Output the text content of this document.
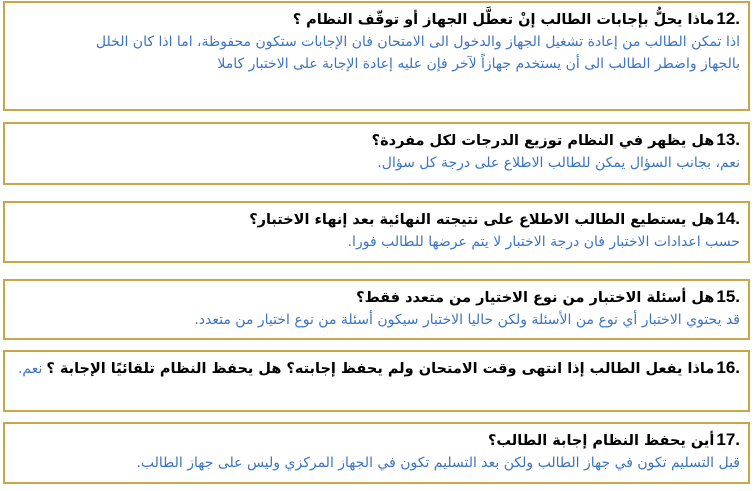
12.
ماذا يحلُّ بإجابات الطالب إنْ تعطَّل الجهاز أو توقّف النظام ؟
اذا تمكن الطالب من إعادة تشغيل الجهاز والدخول الى الامتحان فان الإجابات ستكون محفوظة، اما اذا كان الخلل
بالجهاز واضطر الطالب الى أن يستخدم جهازاً لآخر فإن عليه إعادة الإجابة على الاختبار كاملا
13.
هل يظهر في النظام توزيع الدرجات لكل مفردة؟
نعم، بجانب السؤال يمكن للطالب الاطلاع على درجة كل سؤال.
14.
هل يستطيع الطالب الاطلاع على نتيجته النهائية بعد إنهاء الاختبار؟
حسب اعدادات الاختبار فان درجة الاختبار لا يتم عرضها للطالب فورا.
15.
هل أسئلة الاختبار من نوع الاختيار من متعدد فقط؟
قد يحتوي الاختبار أي نوع من الأسئلة ولكن حاليا الاختبار سيكون أسئلة من نوع اختيار من متعدد.
16.
ماذا يفعل الطالب إذا انتهى وقت الامتحان ولم يحفظ إجابته؟ هل يحفظ النظام تلقائيًا الإجابة ؟
نعم.
17.
أين يحفظ النظام إجابة الطالب؟
قبل التسليم تكون في جهاز الطالب ولكن بعد التسليم تكون في الجهاز المركزي وليس على جهاز الطالب.
